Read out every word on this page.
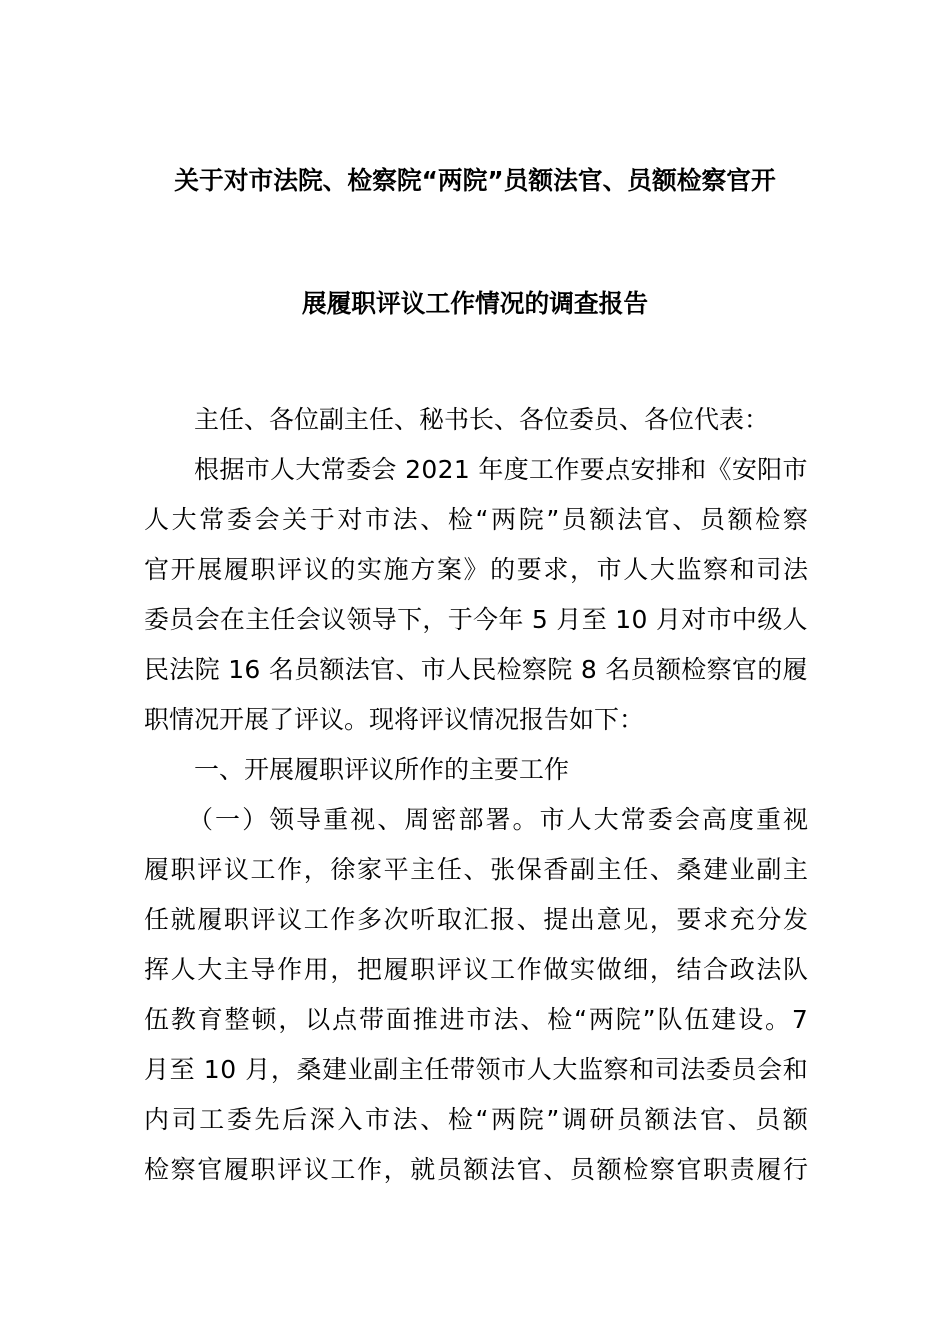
关于对市法院、检察院“两院”员额法官、员额检察官开
展履职评议工作情况的调查报告
主任、各位副主任、秘书长、各位委员、各位代表：
根据市人大常委会 2021 年度工作要点安排和《安阳市
人大常委会关于对市法、检“两院”员额法官、员额检察
官开展履职评议的实施方案》的要求，市人大监察和司法
委员会在主任会议领导下，于今年 5 月至 10 月对市中级人
民法院 16 名员额法官、市人民检察院 8 名员额检察官的履
职情况开展了评议。现将评议情况报告如下：
一、开展履职评议所作的主要工作
（一）领导重视、周密部署。市人大常委会高度重视
履职评议工作，徐家平主任、张保香副主任、桑建业副主
任就履职评议工作多次听取汇报、提出意见，要求充分发
挥人大主导作用，把履职评议工作做实做细，结合政法队
伍教育整顿，以点带面推进市法、检“两院”队伍建设。7
月至 10 月，桑建业副主任带领市人大监察和司法委员会和
内司工委先后深入市法、检“两院”调研员额法官、员额
检察官履职评议工作，就员额法官、员额检察官职责履行
